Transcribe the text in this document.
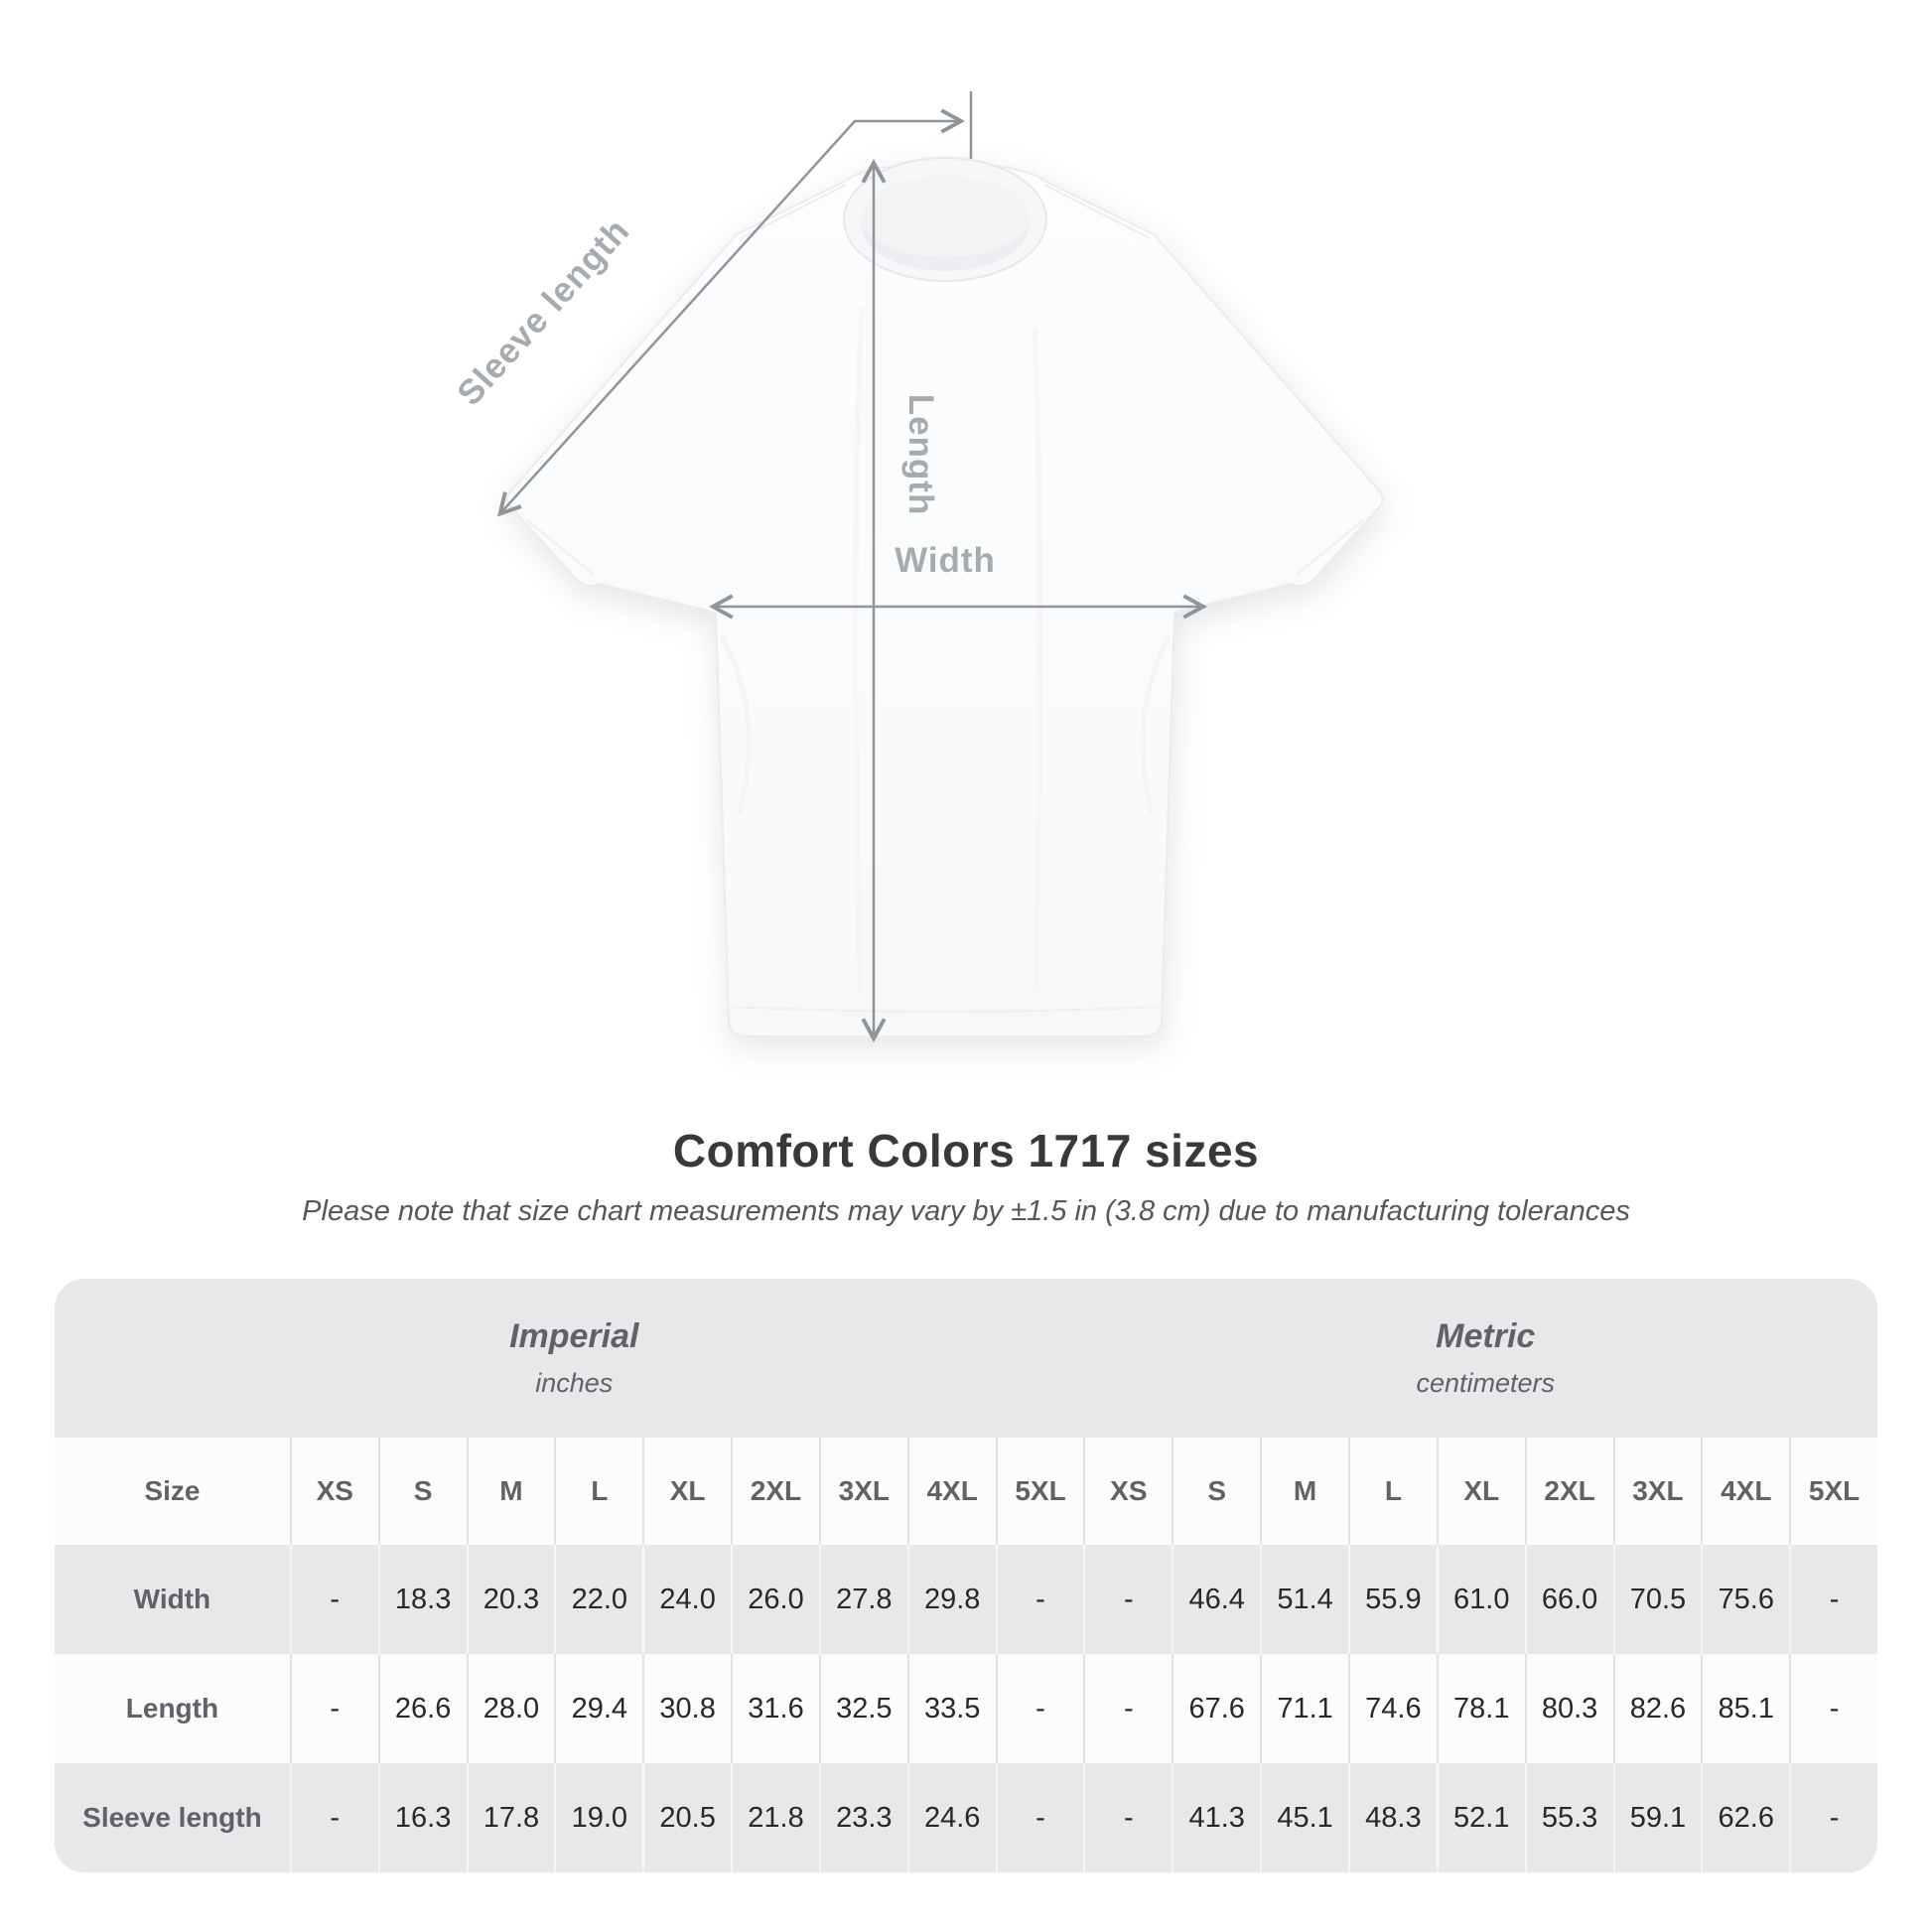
Sleeve length
Length
Width
Comfort Colors 1717 sizes
Please note that size chart measurements may vary by ±1.5 in (3.8 cm) due to manufacturing tolerances
Imperial
inches
Metric
centimeters
Size	XS	S	M	L	XL	2XL	3XL	4XL	5XL	XS	S	M	L	XL	2XL	3XL	4XL	5XL
Width	-	18.3	20.3	22.0	24.0	26.0	27.8	29.8	-	-	46.4	51.4	55.9	61.0	66.0	70.5	75.6	-
Length	-	26.6	28.0	29.4	30.8	31.6	32.5	33.5	-	-	67.6	71.1	74.6	78.1	80.3	82.6	85.1	-
Sleeve length	-	16.3	17.8	19.0	20.5	21.8	23.3	24.6	-	-	41.3	45.1	48.3	52.1	55.3	59.1	62.6	-
